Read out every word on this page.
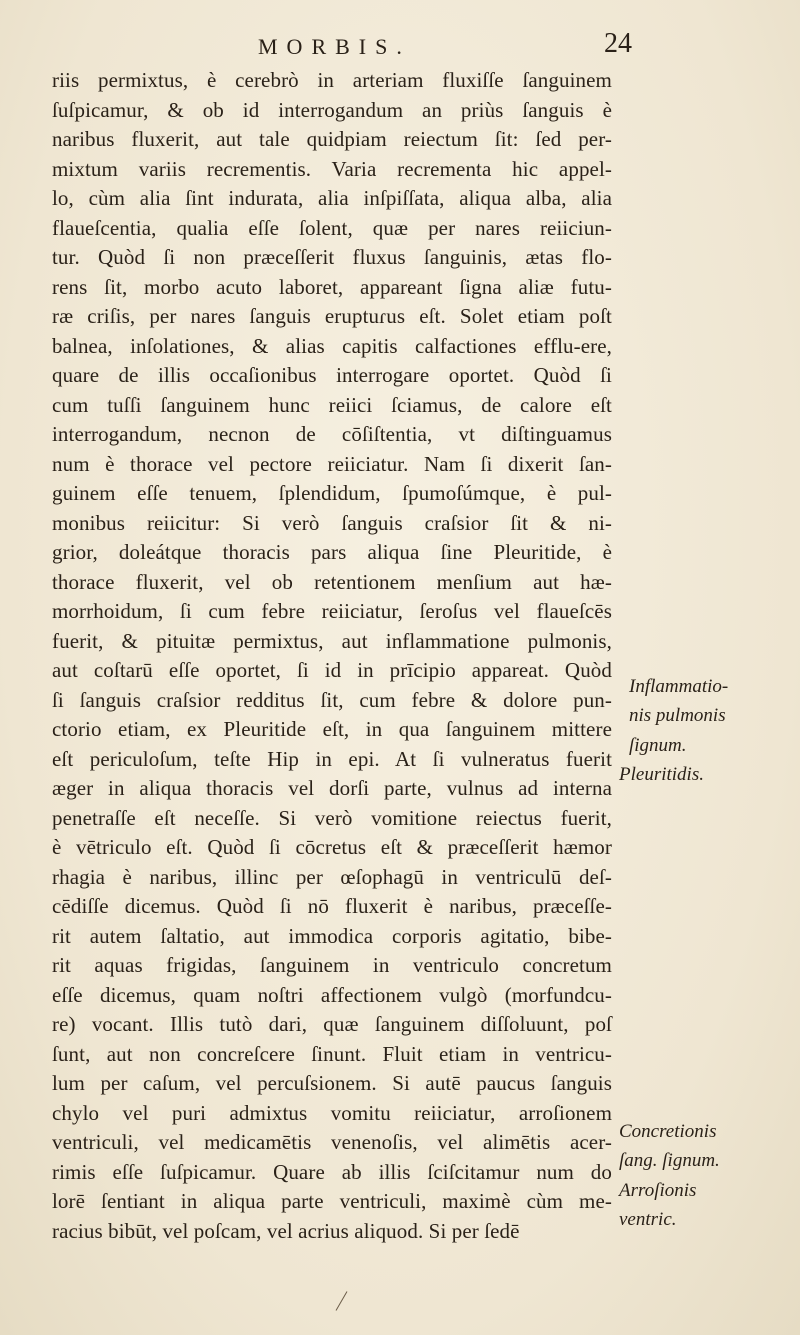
MORBIS.	24
riis permixtus, è cerebrò in arteriam fluxiſſe ſanguinem
ſuſpicamur, & ob id interrogandum an priùs ſanguis è
naribus fluxerit, aut tale quidpiam reiectum ſit: ſed per-
mixtum variis recrementis. Varia recrementa hic appel-
lo, cùm alia ſint indurata, alia inſpiſſata, aliqua alba, alia
flaueſcentia, qualia eſſe ſolent, quæ per nares reiiciun-
tur. Quòd ſi non præceſſerit fluxus ſanguinis, ætas flo-
rens ſit, morbo acuto laboret, appareant ſigna aliæ futu-
ræ criſis, per nares ſanguis eruptuɾus eſt. Solet etiam poſt
balnea, inſolationes, & alias capitis calfactiones efflu-ere,
quare de illis occaſionibus interrogare oportet. Quòd ſi
cum tuſſi ſanguinem hunc reiici ſciamus, de calore eſt
interrogandum, necnon de cōſiſtentia, vt diſtinguamus
num è thorace vel pectore reiiciatur. Nam ſi dixerit ſan-
guinem eſſe tenuem, ſplendidum, ſpumoſúmque, è pul-
monibus reiicitur: Si verò ſanguis craſsior ſit & ni-
grior, doleátque thoracis pars aliqua ſine Pleuritide, è
thorace fluxerit, vel ob retentionem menſium aut hæ-
morrhoidum, ſi cum febre reiiciatur, ſeroſus vel flaueſcēs
fuerit, & pituitæ permixtus, aut inflammatione pulmonis,
aut coſtarū eſſe oportet, ſi id in prīcipio appareat. Quòd
ſi ſanguis craſsior redditus ſit, cum febre & dolore pun-
ctorio etiam, ex Pleuritide eſt, in qua ſanguinem mittere
eſt periculoſum, teſte Hip in epi. At ſi vulneratus fuerit
æger in aliqua thoracis vel dorſi parte, vulnus ad interna
penetraſſe eſt neceſſe. Si verò vomitione reiectus fuerit,
è vētriculo eſt. Quòd ſi cōcretus eſt & præceſſerit hæmor
rhagia è naribus, illinc per œſophagū in ventriculū deſ-
cēdiſſe dicemus. Quòd ſi nō fluxerit è naribus, præceſſe-
rit autem ſaltatio, aut immodica corporis agitatio, bibe-
rit aquas frigidas, ſanguinem in ventriculo concretum
eſſe dicemus, quam noſtri affectionem vulgò (morfundcu-
re) vocant. Illis tutò dari, quæ ſanguinem diſſoluunt, poſ
ſunt, aut non concreſcere ſinunt. Fluit etiam in ventricu-
lum per caſum, vel percuſsionem. Si autē paucus ſanguis
chylo vel puri admixtus vomitu reiiciatur, arroſionem
ventriculi, vel medicamētis venenoſis, vel alimētis acer-
rimis eſſe ſuſpicamur. Quare ab illis ſciſcitamur num do
lorē ſentiant in aliqua parte ventriculi, maximè cùm me-
racius bibūt, vel poſcam, vel acrius aliquod. Si per ſedē
Inflammatio-
nis pulmonis
ſignum.
Pleuritidis.
Concretionis
ſang. ſignum.
Arroſionis
ventric.
